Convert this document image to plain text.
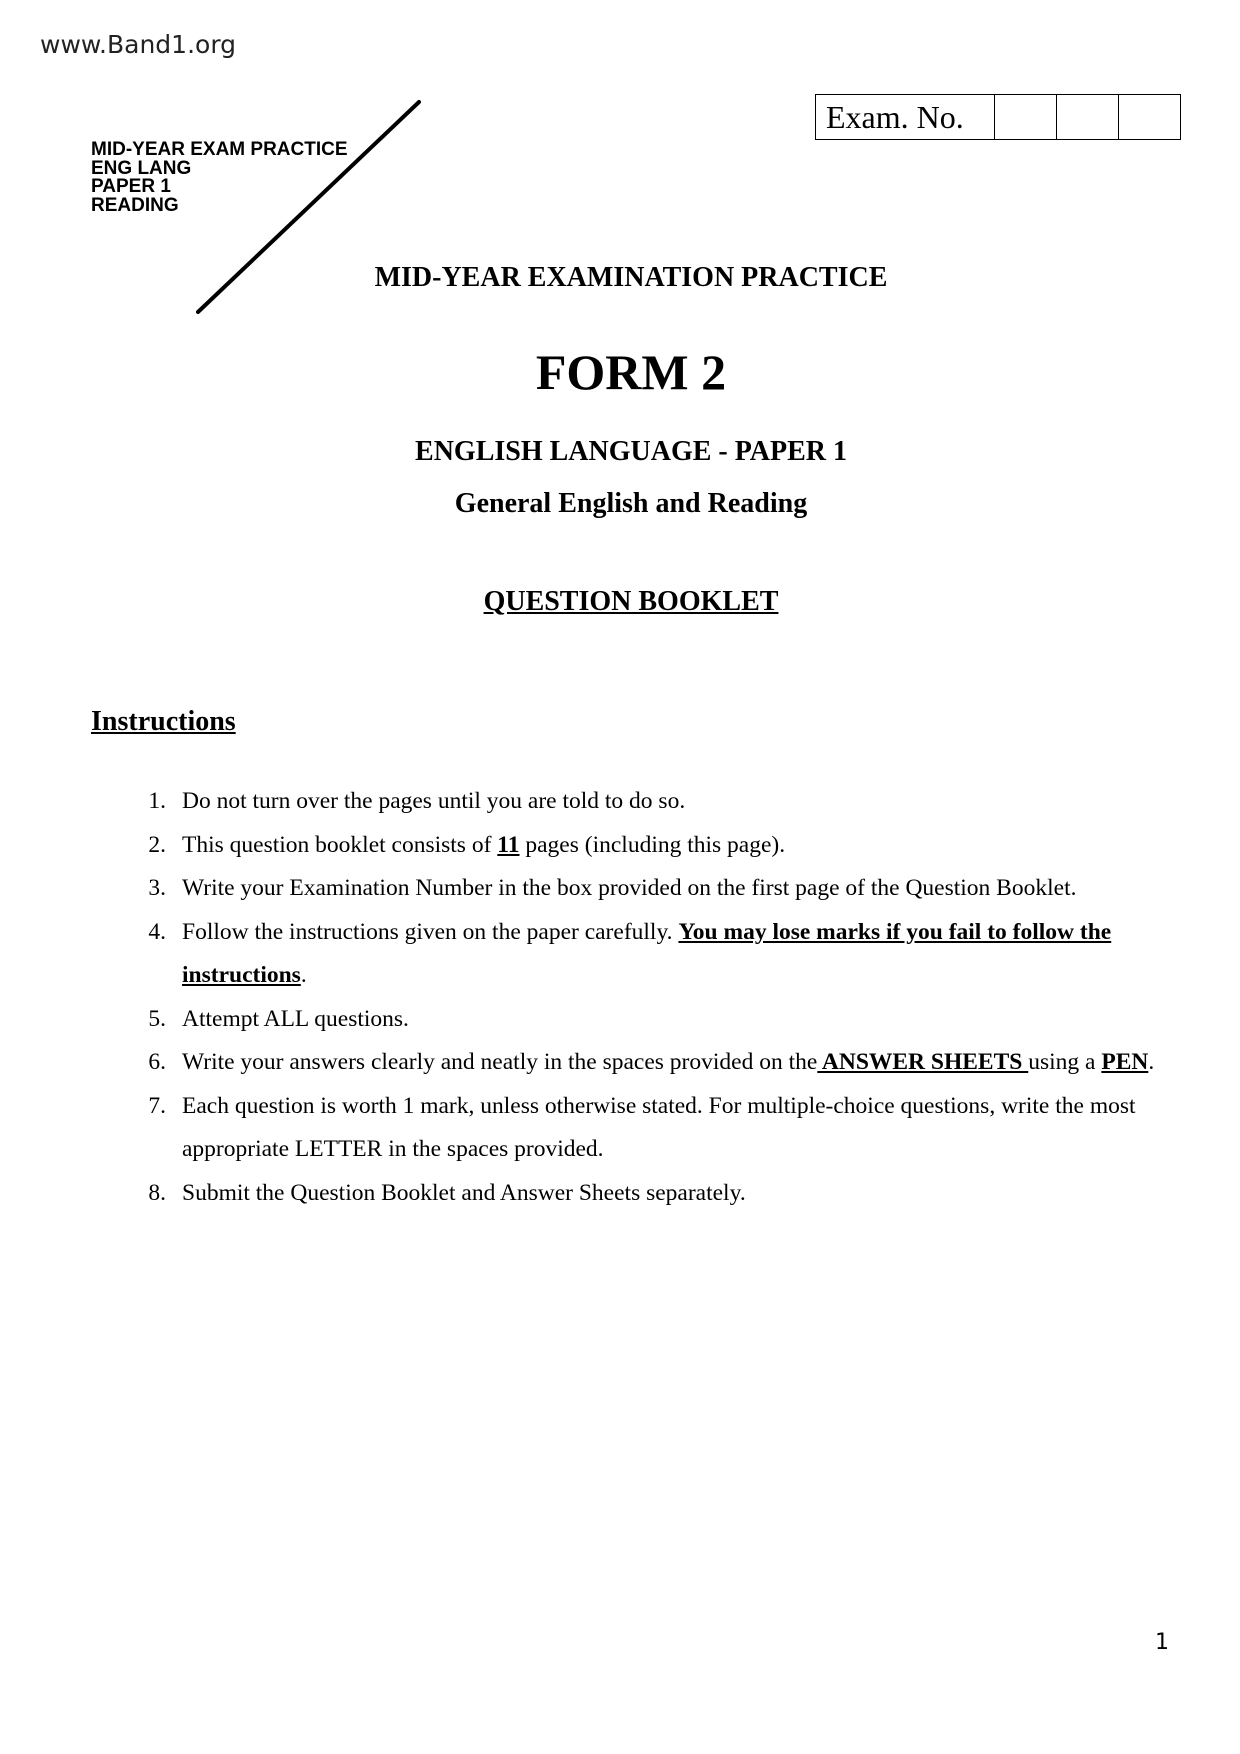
www.Band1.org
MID-YEAR EXAM PRACTICE
ENG LANG
PAPER 1
READING
Exam. No.			
MID-YEAR EXAMINATION PRACTICE
FORM 2
ENGLISH LANGUAGE - PAPER 1
General English and Reading
QUESTION BOOKLET
Instructions
1. Do not turn over the pages until you are told to do so.
2. This question booklet consists of 11 pages (including this page).
3. Write your Examination Number in the box provided on the first page of the Question Booklet.
4. Follow the instructions given on the paper carefully. You may lose marks if you fail to follow the instructions.
5. Attempt ALL questions.
6. Write your answers clearly and neatly in the spaces provided on the ANSWER SHEETS using a PEN.
7. Each question is worth 1 mark, unless otherwise stated. For multiple-choice questions, write the most appropriate LETTER in the spaces provided.
8. Submit the Question Booklet and Answer Sheets separately.
1
